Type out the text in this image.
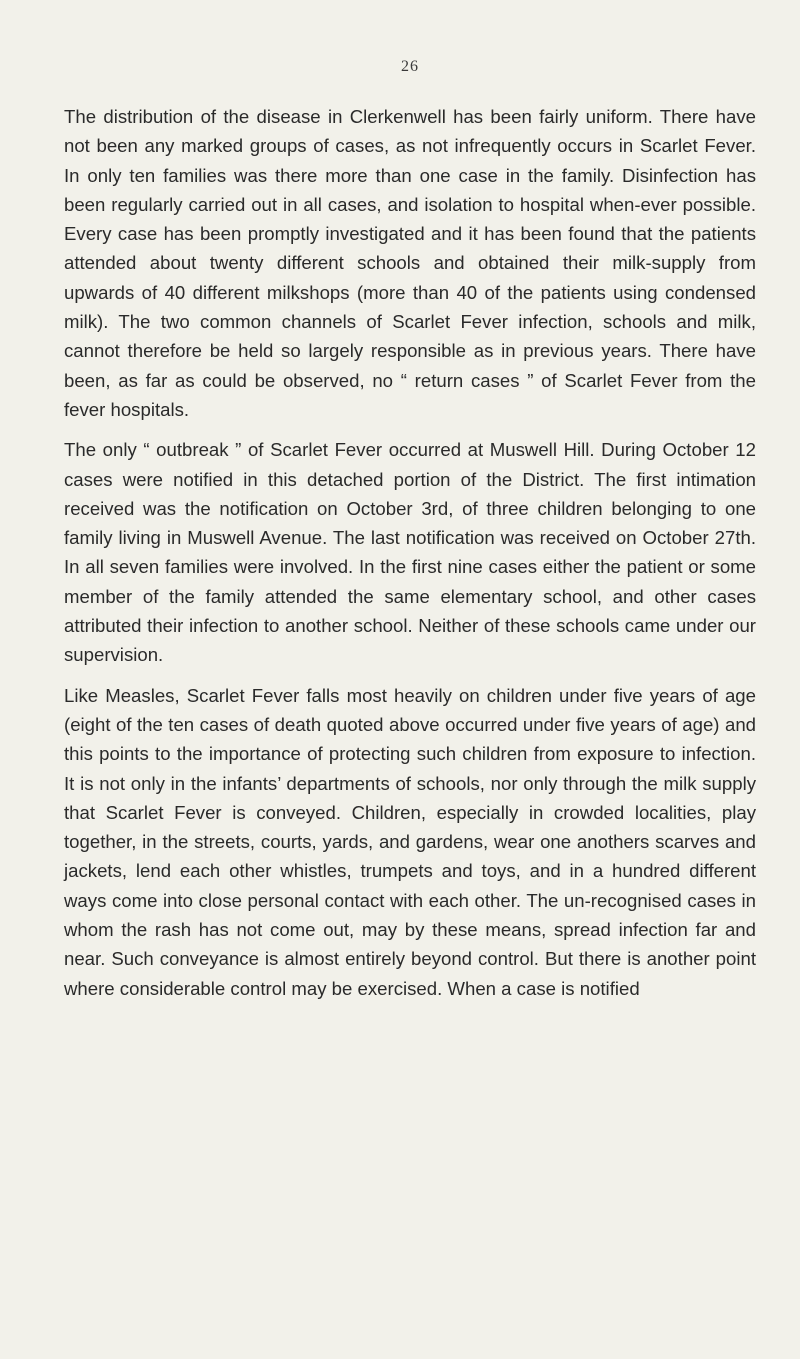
26

The distribution of the disease in Clerkenwell has been fairly uniform. There have not been any marked groups of cases, as not infrequently occurs in Scarlet Fever. In only ten families was there more than one case in the family. Disinfection has been regularly carried out in all cases, and isolation to hospital when-ever possible. Every case has been promptly investigated and it has been found that the patients attended about twenty different schools and obtained their milk-supply from upwards of 40 different milkshops (more than 40 of the patients using condensed milk). The two common channels of Scarlet Fever infection, schools and milk, cannot therefore be held so largely responsible as in previous years. There have been, as far as could be observed, no “ return cases ” of Scarlet Fever from the fever hospitals.

The only “ outbreak ” of Scarlet Fever occurred at Muswell Hill. During October 12 cases were notified in this detached portion of the District. The first intimation received was the notification on October 3rd, of three children belonging to one family living in Muswell Avenue. The last notification was received on October 27th. In all seven families were involved. In the first nine cases either the patient or some member of the family attended the same elementary school, and other cases attributed their infection to another school. Neither of these schools came under our supervision.

Like Measles, Scarlet Fever falls most heavily on children under five years of age (eight of the ten cases of death quoted above occurred under five years of age) and this points to the importance of protecting such children from exposure to infection. It is not only in the infants’ departments of schools, nor only through the milk supply that Scarlet Fever is conveyed. Children, especially in crowded localities, play together, in the streets, courts, yards, and gardens, wear one anothers scarves and jackets, lend each other whistles, trumpets and toys, and in a hundred different ways come into close personal contact with each other. The un-recognised cases in whom the rash has not come out, may by these means, spread infection far and near. Such conveyance is almost entirely beyond control. But there is another point where considerable control may be exercised. When a case is notified
